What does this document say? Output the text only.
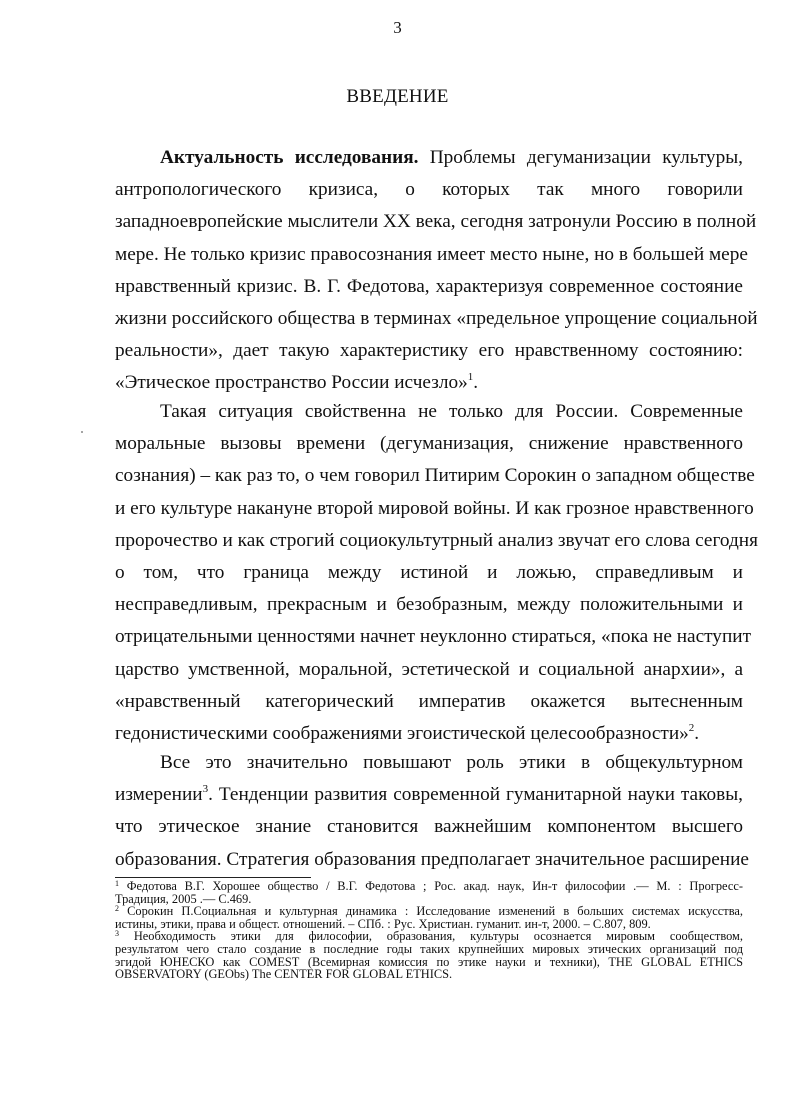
3
ВВЕДЕНИЕ
Актуальность исследования. Проблемы дегуманизации культуры,
антропологического кризиса, о которых так много говорили
западноевропейские мыслители XX века, сегодня затронули Россию в полной
мере. Не только кризис правосознания имеет место ныне, но в большей мере
нравственный кризис. В. Г. Федотова, характеризуя современное состояние
жизни российского общества в терминах «предельное упрощение социальной
реальности», дает такую характеристику его нравственному состоянию:
«Этическое пространство России исчезло»$^1$.
Такая ситуация свойственна не только для России. Современные
моральные вызовы времени (дегуманизация, снижение нравственного
сознания) – как раз то, о чем говорил Питирим Сорокин о западном обществе
и его культуре накануне второй мировой войны. И как грозное нравственного
пророчество и как строгий социокультутрный анализ звучат его слова сегодня
о том, что граница между истиной и ложью, справедливым и
несправедливым, прекрасным и безобразным, между положительными и
отрицательными ценностями начнет неуклонно стираться, «пока не наступит
царство умственной, моральной, эстетической и социальной анархии», а
«нравственный категорический императив окажется вытесненным
гедонистическими соображениями эгоистической целесообразности»$^2$.
Все это значительно повышают роль этики в общекультурном
измерении$^3$. Тенденции развития современной гуманитарной науки таковы,
что этическое знание становится важнейшим компонентом высшего
образования. Стратегия образования предполагает значительное расширение
$^1$ Федотова В.Г. Хорошее общество / В.Г. Федотова ; Рос. акад. наук, Ин-т философии .— М. : Прогресс-
Традиция, 2005 .— С.469.
$^2$ Сорокин П.Социальная и культурная динамика : Исследование изменений в больших системах искусства,
истины, этики, права и общест. отношений. – СПб. : Рус. Христиан. гуманит. ин-т, 2000. – С.807, 809.
$^3$ Необходимость этики для философии, образования, культуры осознается мировым сообществом,
результатом чего стало создание в последние годы таких крупнейших мировых этических организаций под
эгидой ЮНЕСКО как COMEST (Всемирная комиссия по этике науки и техники), THE GLOBAL ETHICS
OBSERVATORY (GEObs) The CENTER FOR GLOBAL ETHICS.
